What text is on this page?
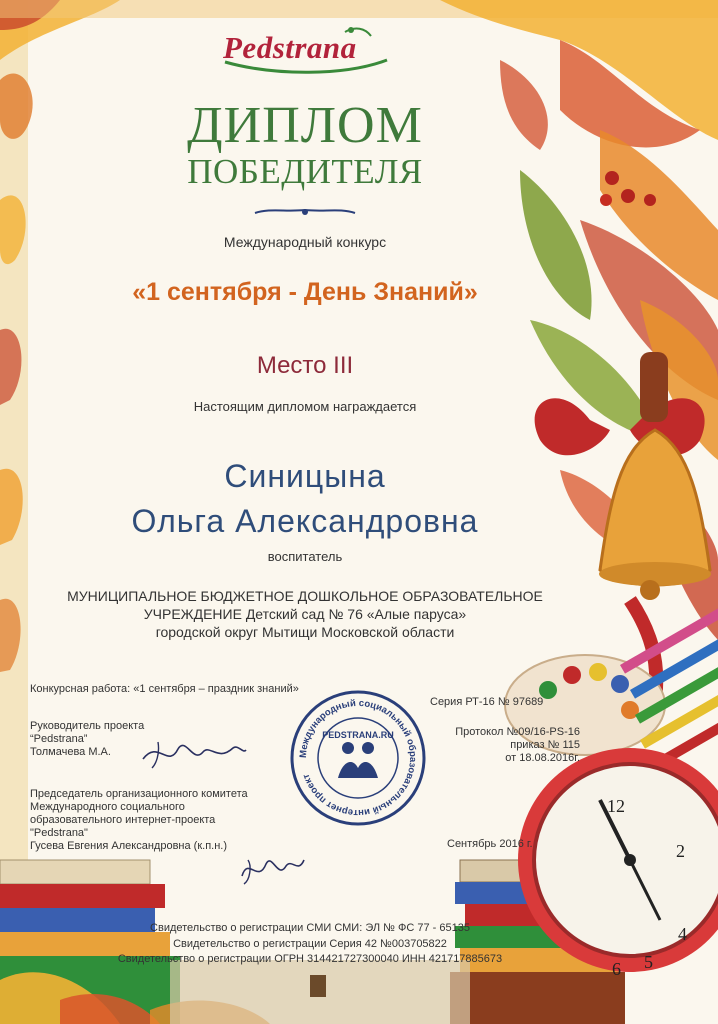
12
2
4
5
6
Pedstrana
ДИПЛОМ
ПОБЕДИТЕЛЯ
Международный конкурс
«1 сентября - День Знаний»
Место III
Настоящим дипломом награждается
Синицына
Ольга Александровна
воспитатель
МУНИЦИПАЛЬНОЕ БЮДЖЕТНОЕ ДОШКОЛЬНОЕ ОБРАЗОВАТЕЛЬНОЕ
УЧРЕЖДЕНИЕ Детский сад № 76 «Алые паруса»
городской округ Мытищи Московской области
Конкурсная работа: «1 сентября – праздник знаний»
Серия РТ-16 № 97689
Руководитель проекта
“Pedstrana”
Толмачева М.А.
Протокол №09/16-PS-16
приказ № 115
от 18.08.2016г.
Международный социальный образовательный интернет проект
PEDSTRANA.RU
Председатель организационного комитета
Международного социального
образовательного интернет-проекта
"Pedstrana"
Гусева Евгения Александровна (к.п.н.)	Сентябрь 2016 г.
Свидетельство о регистрации СМИ СМИ: ЭЛ № ФС 77 - 65135
Свидетельство о регистрации Серия 42 №003705822
Свидетельство о регистрации ОГРН 314421727300040 ИНН 421717885673
